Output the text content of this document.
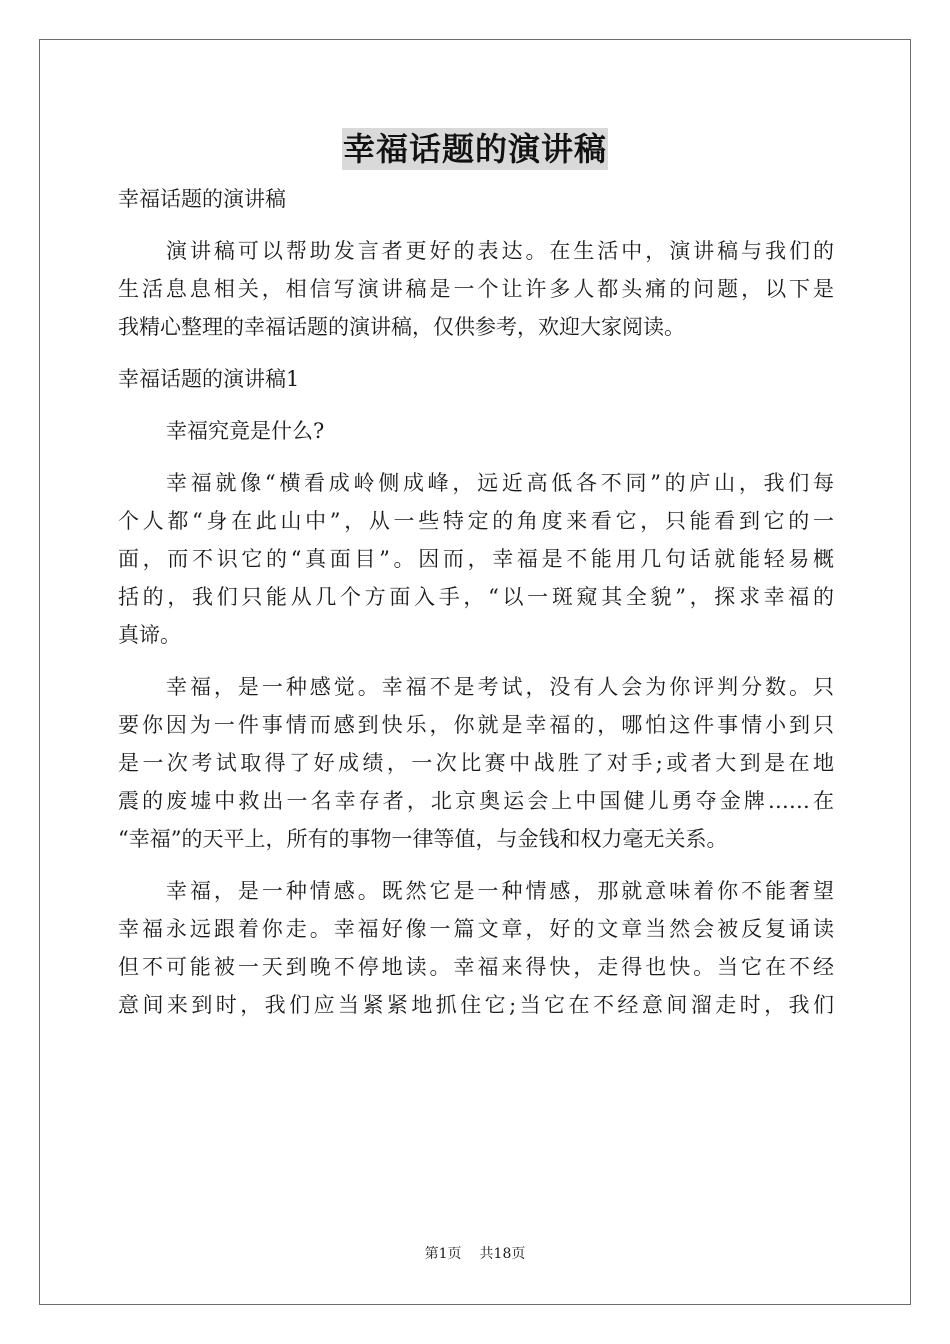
幸福话题的演讲稿
幸福话题的演讲稿
演讲稿可以帮助发言者更好的表达。在生活中，演讲稿与我们的
生活息息相关，相信写演讲稿是一个让许多人都头痛的问题，以下是
我精心整理的幸福话题的演讲稿，仅供参考，欢迎大家阅读。
幸福话题的演讲稿1
幸福究竟是什么?
幸福就像“横看成岭侧成峰，远近高低各不同”的庐山，我们每
个人都“身在此山中”，从一些特定的角度来看它，只能看到它的一
面，而不识它的“真面目”。因而，幸福是不能用几句话就能轻易概
括的，我们只能从几个方面入手，“以一斑窥其全貌”，探求幸福的
真谛。
幸福，是一种感觉。幸福不是考试，没有人会为你评判分数。只
要你因为一件事情而感到快乐，你就是幸福的，哪怕这件事情小到只
是一次考试取得了好成绩，一次比赛中战胜了对手;或者大到是在地
震的废墟中救出一名幸存者，北京奥运会上中国健儿勇夺金牌……在
“幸福”的天平上，所有的事物一律等值，与金钱和权力毫无关系。
幸福，是一种情感。既然它是一种情感，那就意味着你不能奢望
幸福永远跟着你走。幸福好像一篇文章，好的文章当然会被反复诵读
但不可能被一天到晚不停地读。幸福来得快，走得也快。当它在不经
意间来到时，我们应当紧紧地抓住它;当它在不经意间溜走时，我们
第1页 共18页
